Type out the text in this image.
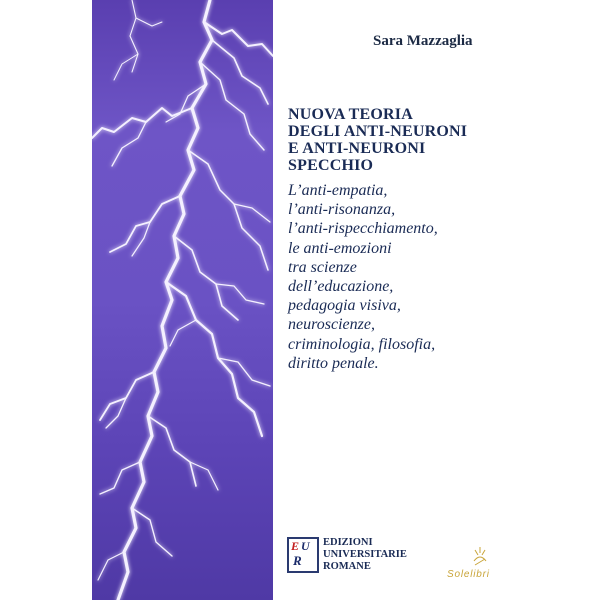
Sara Mazzaglia
NUOVA TEORIA
DEGLI ANTI-NEURONI
E ANTI-NEURONI
SPECCHIO

L’anti-empatia,
l’anti-risonanza,
l’anti-rispecchiamento,
le anti-emozioni
tra scienze
dell’educazione,
pedagogia visiva,
neuroscienze,
criminologia, filosofia,
diritto penale.

E U
R

EDIZIONI
UNIVERSITARIE
ROMANE

Solelibri
